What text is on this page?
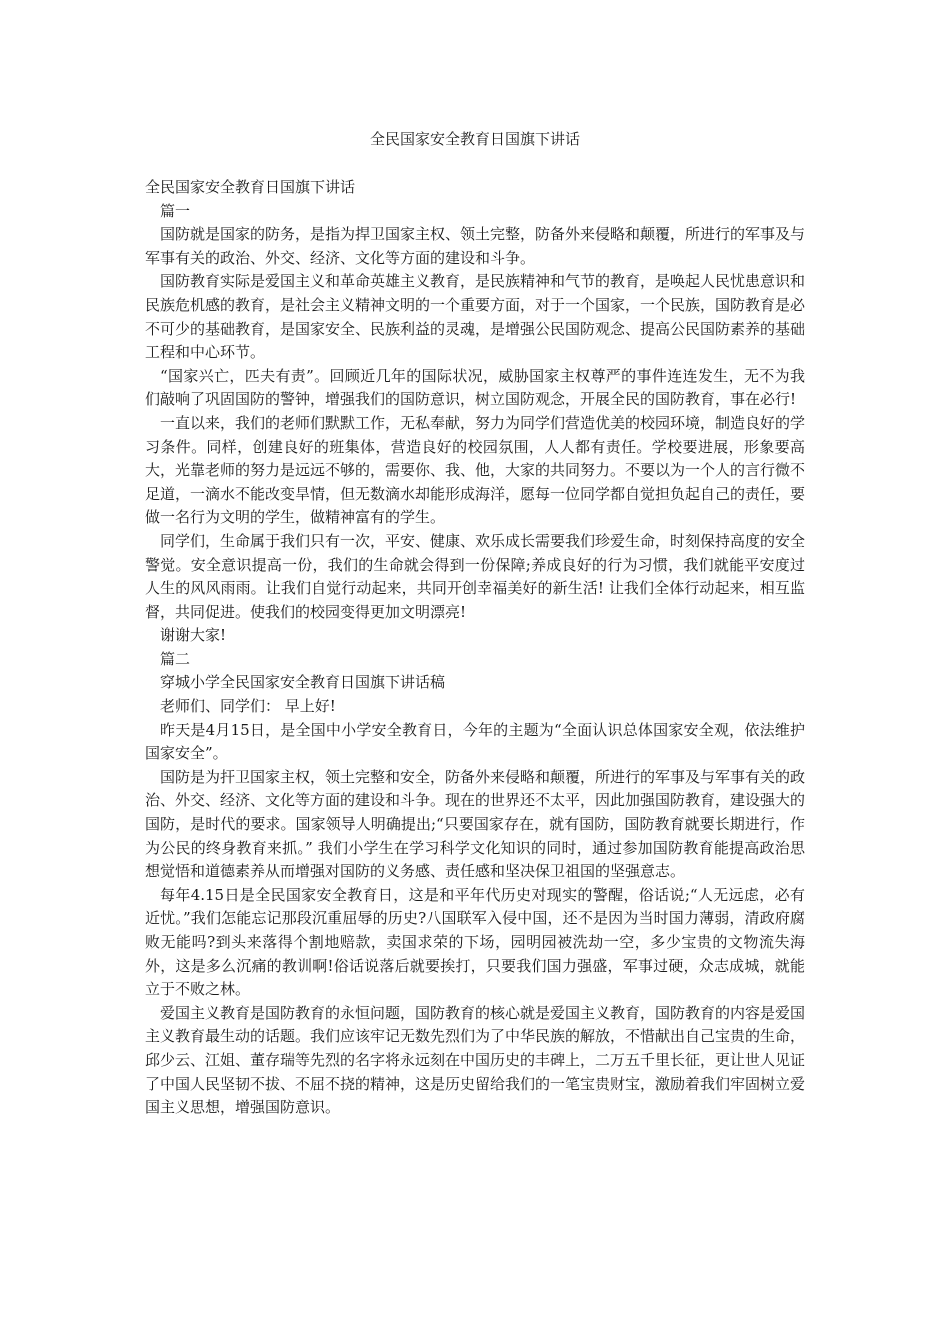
全民国家安全教育日国旗下讲话

全民国家安全教育日国旗下讲话

篇一

国防就是国家的防务，是指为捍卫国家主权、领土完整，防备外来侵略和颠覆，所进行的军事及与军事有关的政治、外交、经济、文化等方面的建设和斗争。

国防教育实际是爱国主义和革命英雄主义教育，是民族精神和气节的教育，是唤起人民忧患意识和民族危机感的教育，是社会主义精神文明的一个重要方面，对于一个国家，一个民族，国防教育是必不可少的基础教育，是国家安全、民族利益的灵魂，是增强公民国防观念、提高公民国防素养的基础工程和中心环节。

“国家兴亡，匹夫有责”。回顾近几年的国际状况，威胁国家主权尊严的事件连连发生，无不为我们敲响了巩固国防的警钟，增强我们的国防意识，树立国防观念，开展全民的国防教育，事在必行!

一直以来，我们的老师们默默工作，无私奉献，努力为同学们营造优美的校园环境，制造良好的学习条件。同样，创建良好的班集体，营造良好的校园氛围，人人都有责任。学校要进展，形象要高大，光靠老师的努力是远远不够的，需要你、我、他，大家的共同努力。不要以为一个人的言行微不足道，一滴水不能改变旱情，但无数滴水却能形成海洋，愿每一位同学都自觉担负起自己的责任，要做一名行为文明的学生，做精神富有的学生。

同学们，生命属于我们只有一次，平安、健康、欢乐成长需要我们珍爱生命，时刻保持高度的安全警觉。安全意识提高一份，我们的生命就会得到一份保障;养成良好的行为习惯，我们就能平安度过人生的风风雨雨。让我们自觉行动起来，共同开创幸福美好的新生活! 让我们全体行动起来，相互监督，共同促进。使我们的校园变得更加文明漂亮!

谢谢大家!

篇二

穿城小学全民国家安全教育日国旗下讲话稿

老师们、同学们： 早上好!

昨天是4月15日，是全国中小学安全教育日，今年的主题为“全面认识总体国家安全观，依法维护国家安全”。

国防是为扞卫国家主权，领土完整和安全，防备外来侵略和颠覆，所进行的军事及与军事有关的政治、外交、经济、文化等方面的建设和斗争。现在的世界还不太平，因此加强国防教育，建设强大的国防，是时代的要求。国家领导人明确提出;“只要国家存在，就有国防，国防教育就要长期进行，作为公民的终身教育来抓。” 我们小学生在学习科学文化知识的同时，通过参加国防教育能提高政治思想觉悟和道德素养从而增强对国防的义务感、责任感和坚决保卫祖国的坚强意志。

每年4.15日是全民国家安全教育日，这是和平年代历史对现实的警醒，俗话说;“人无远虑，必有近忧。”我们怎能忘记那段沉重屈辱的历史?八国联军入侵中国，还不是因为当时国力薄弱，清政府腐败无能吗?到头来落得个割地赔款，卖国求荣的下场，园明园被洗劫一空，多少宝贵的文物流失海外，这是多么沉痛的教训啊!俗话说落后就要挨打，只要我们国力强盛，军事过硬，众志成城，就能立于不败之林。

爱国主义教育是国防教育的永恒问题，国防教育的核心就是爱国主义教育，国防教育的内容是爱国主义教育最生动的话题。我们应该牢记无数先烈们为了中华民族的解放，不惜献出自己宝贵的生命，邱少云、江姐、董存瑞等先烈的名字将永远刻在中国历史的丰碑上，二万五千里长征，更让世人见证了中国人民坚韧不拔、不屈不挠的精神，这是历史留给我们的一笔宝贵财宝，激励着我们牢固树立爱国主义思想，增强国防意识。
